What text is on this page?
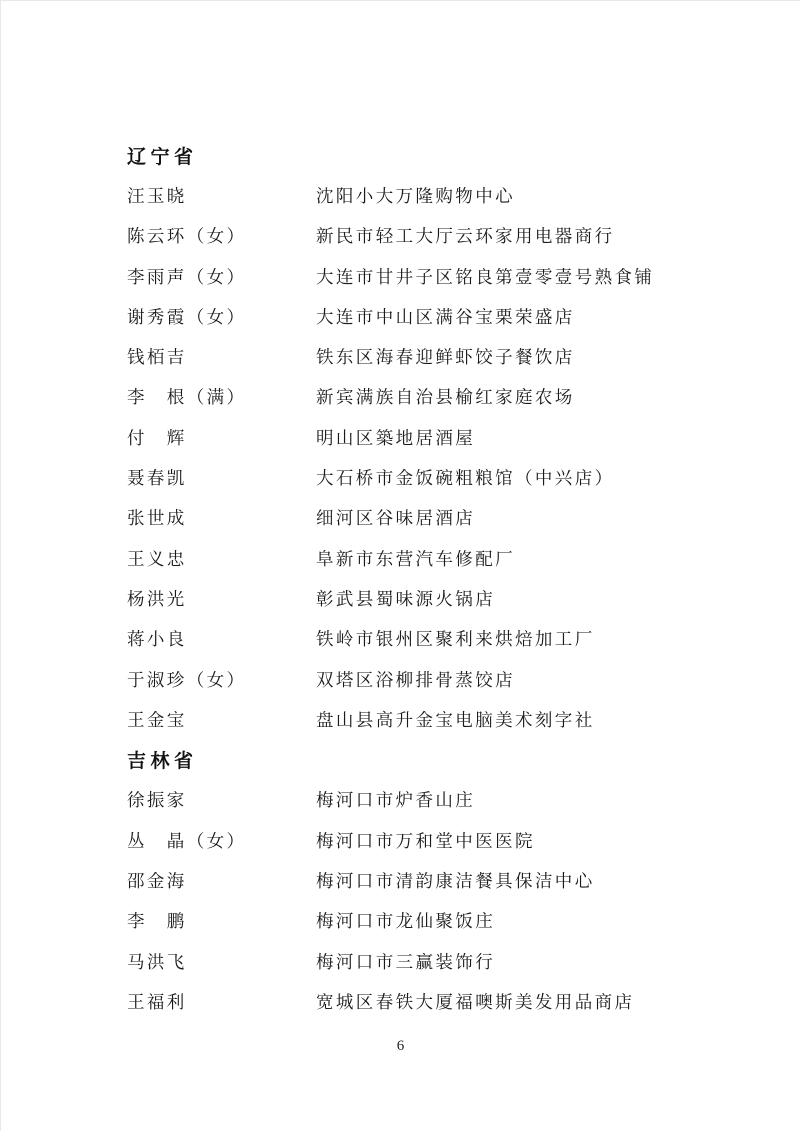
辽宁省
汪玉晓	沈阳小大万隆购物中心
陈云环（女）	新民市轻工大厅云环家用电器商行
李雨声（女）	大连市甘井子区铭良第壹零壹号熟食铺
谢秀霞（女）	大连市中山区满谷宝栗荣盛店
钱栢吉	铁东区海春迎鲜虾饺子餐饮店
李　根（满）	新宾满族自治县榆红家庭农场
付　辉	明山区築地居酒屋
聂春凯	大石桥市金饭碗粗粮馆（中兴店）
张世成	细河区谷味居酒店
王义忠	阜新市东营汽车修配厂
杨洪光	彰武县蜀味源火锅店
蒋小良	铁岭市银州区聚利来烘焙加工厂
于淑珍（女）	双塔区浴柳排骨蒸饺店
王金宝	盘山县高升金宝电脑美术刻字社
吉林省
徐振家	梅河口市炉香山庄
丛　晶（女）	梅河口市万和堂中医医院
邵金海	梅河口市清韵康洁餐具保洁中心
李　鹏	梅河口市龙仙聚饭庄
马洪飞	梅河口市三赢装饰行
王福利	宽城区春铁大厦福噢斯美发用品商店
6
